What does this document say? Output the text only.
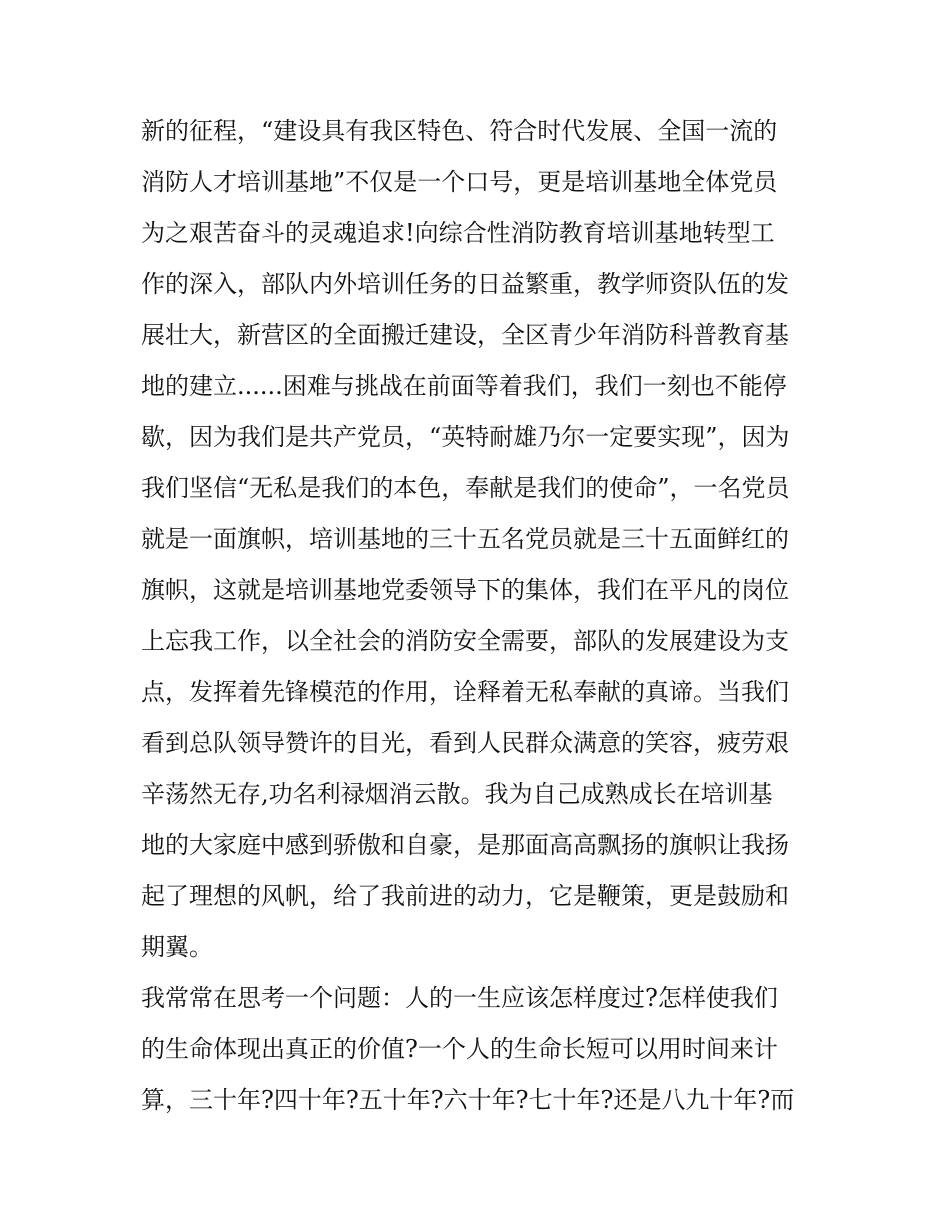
新的征程，“建设具有我区特色、符合时代发展、全国一流的
消防人才培训基地”不仅是一个口号，更是培训基地全体党员
为之艰苦奋斗的灵魂追求!向综合性消防教育培训基地转型工
作的深入，部队内外培训任务的日益繁重，教学师资队伍的发
展壮大，新营区的全面搬迁建设，全区青少年消防科普教育基
地的建立......困难与挑战在前面等着我们，我们一刻也不能停
歇，因为我们是共产党员，“英特耐雄乃尔一定要实现”，因为
我们坚信“无私是我们的本色，奉献是我们的使命”，一名党员
就是一面旗帜，培训基地的三十五名党员就是三十五面鲜红的
旗帜，这就是培训基地党委领导下的集体，我们在平凡的岗位
上忘我工作，以全社会的消防安全需要，部队的发展建设为支
点，发挥着先锋模范的作用，诠释着无私奉献的真谛。当我们
看到总队领导赞许的目光，看到人民群众满意的笑容，疲劳艰
辛荡然无存,功名利禄烟消云散。我为自己成熟成长在培训基
地的大家庭中感到骄傲和自豪，是那面高高飘扬的旗帜让我扬
起了理想的风帆，给了我前进的动力，它是鞭策，更是鼓励和
期翼。
我常常在思考一个问题：人的一生应该怎样度过?怎样使我们
的生命体现出真正的价值?一个人的生命长短可以用时间来计
算，三十年?四十年?五十年?六十年?七十年?还是八九十年?而
